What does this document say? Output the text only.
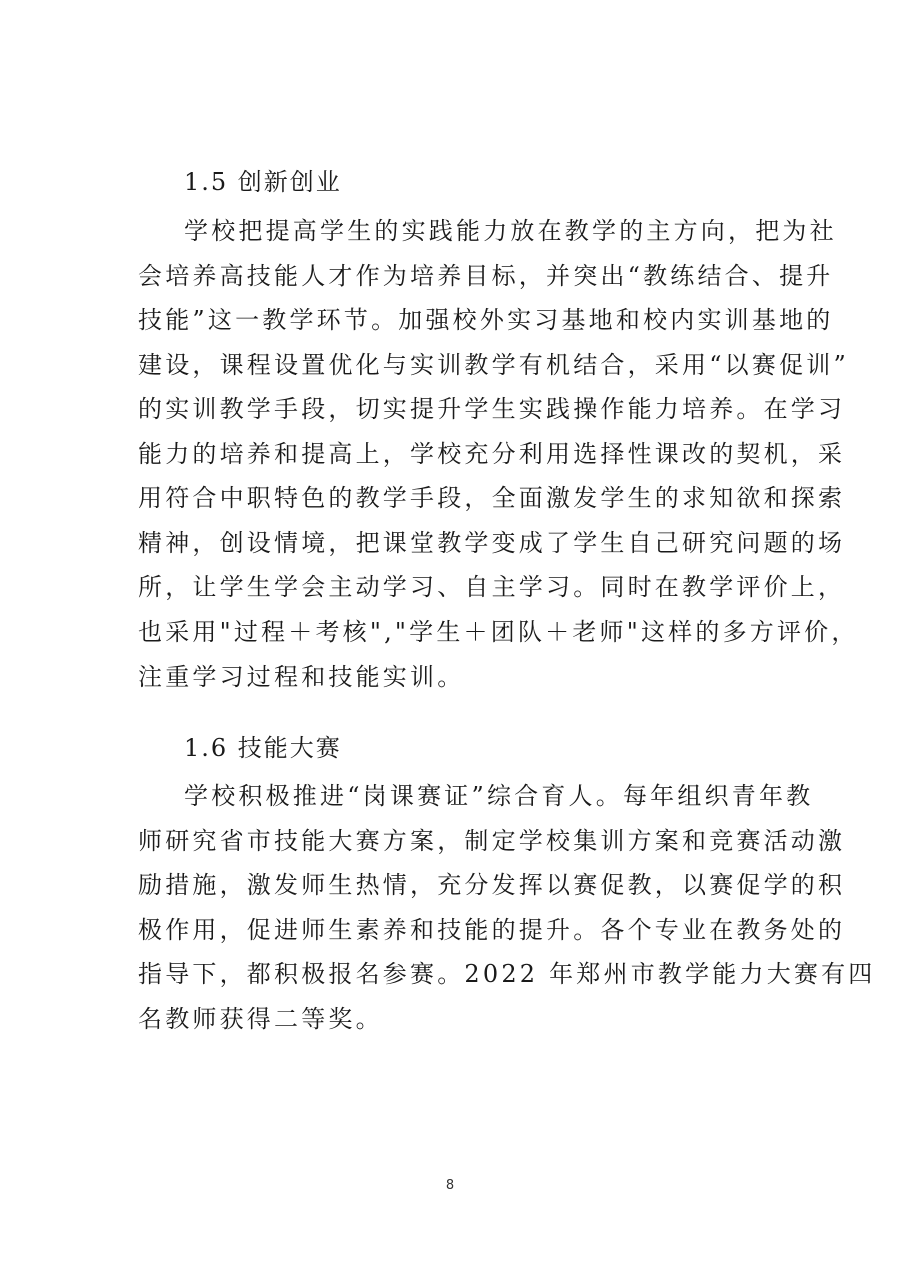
1.5 创新创业
学校把提高学生的实践能力放在教学的主方向，把为社
会培养高技能人才作为培养目标，并突出“教练结合、提升
技能”这一教学环节。加强校外实习基地和校内实训基地的
建设，课程设置优化与实训教学有机结合，采用“以赛促训”
的实训教学手段，切实提升学生实践操作能力培养。在学习
能力的培养和提高上，学校充分利用选择性课改的契机，采
用符合中职特色的教学手段，全面激发学生的求知欲和探索
精神，创设情境，把课堂教学变成了学生自己研究问题的场
所，让学生学会主动学习、自主学习。同时在教学评价上，
也采用"过程＋考核","学生＋团队＋老师"这样的多方评价，
注重学习过程和技能实训。
1.6 技能大赛
学校积极推进“岗课赛证”综合育人。每年组织青年教
师研究省市技能大赛方案，制定学校集训方案和竞赛活动激
励措施，激发师生热情，充分发挥以赛促教，以赛促学的积
极作用，促进师生素养和技能的提升。各个专业在教务处的
指导下，都积极报名参赛。2022 年郑州市教学能力大赛有四
名教师获得二等奖。
8
